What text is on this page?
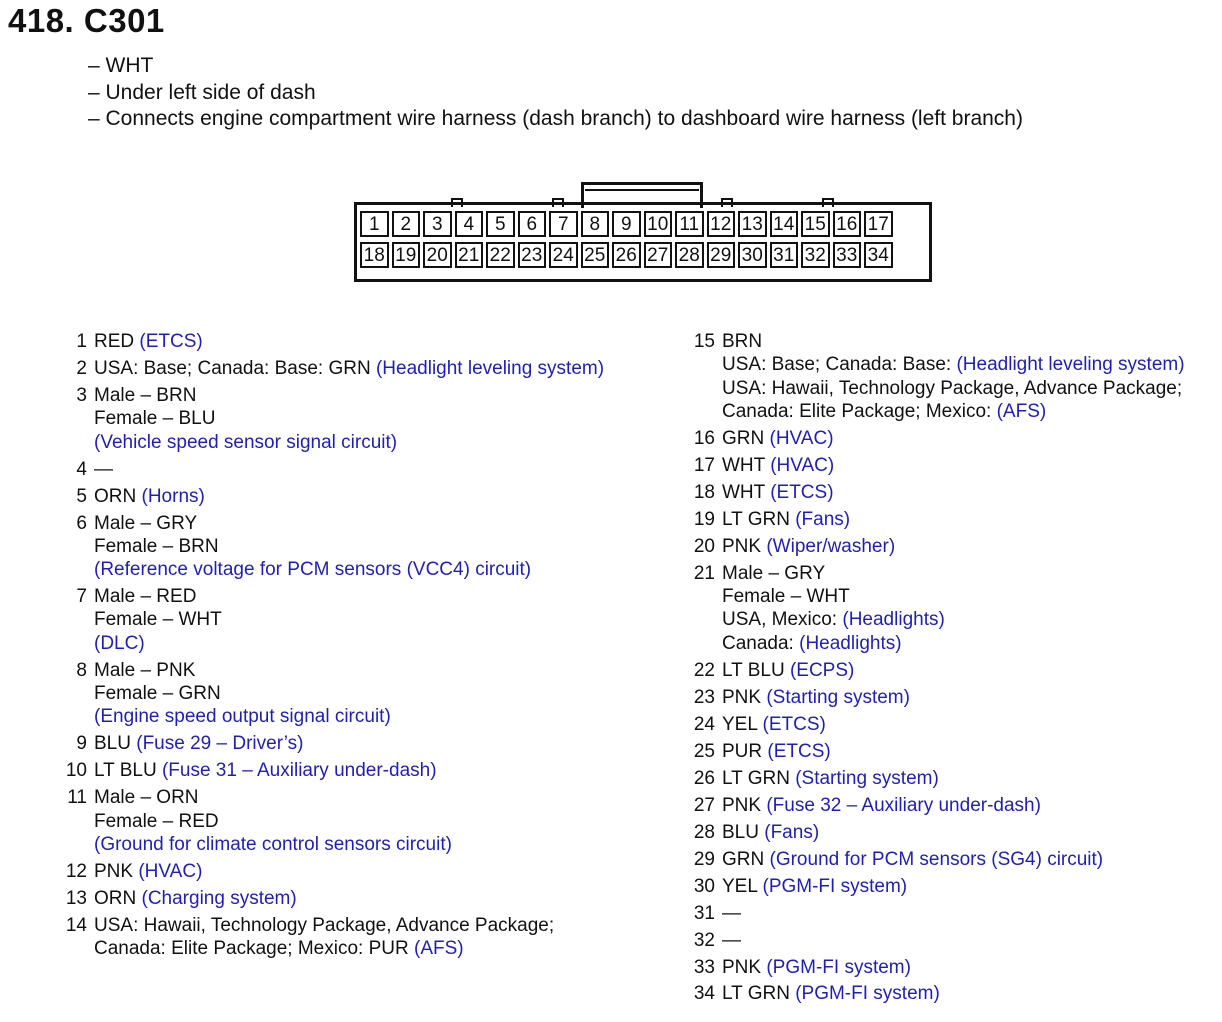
418. C301
– WHT
– Under left side of dash
– Connects engine compartment wire harness (dash branch) to dashboard wire harness (left branch)
1	2	3	4	5	6	7	8	9 10 11 12 13 14 15 16 17
18 19 20 21 22 23 24 25 26 27 28 29 30 31 32 33 34
1 RED (ETCS)
2 USA: Base; Canada: Base: GRN (Headlight leveling system)
3 Male – BRN
Female – BLU
(Vehicle speed sensor signal circuit)
4 —
5 ORN (Horns)
6 Male – GRY
Female – BRN
(Reference voltage for PCM sensors (VCC4) circuit)
7 Male – RED
Female – WHT
(DLC)
8 Male – PNK
Female – GRN
(Engine speed output signal circuit)
9 BLU (Fuse 29 – Driver’s)
10 LT BLU (Fuse 31 – Auxiliary under-dash)
11 Male – ORN
Female – RED
(Ground for climate control sensors circuit)
12 PNK (HVAC)
13 ORN (Charging system)
14 USA: Hawaii, Technology Package, Advance Package;
Canada: Elite Package; Mexico: PUR (AFS)
15 BRN
USA: Base; Canada: Base: (Headlight leveling system)
USA: Hawaii, Technology Package, Advance Package;
Canada: Elite Package; Mexico: (AFS)
16 GRN (HVAC)
17 WHT (HVAC)
18 WHT (ETCS)
19 LT GRN (Fans)
20 PNK (Wiper/washer)
21 Male – GRY
Female – WHT
USA, Mexico: (Headlights)
Canada: (Headlights)
22 LT BLU (ECPS)
23 PNK (Starting system)
24 YEL (ETCS)
25 PUR (ETCS)
26 LT GRN (Starting system)
27 PNK (Fuse 32 – Auxiliary under-dash)
28 BLU (Fans)
29 GRN (Ground for PCM sensors (SG4) circuit)
30 YEL (PGM-FI system)
31 —
32 —
33 PNK (PGM-FI system)
34 LT GRN (PGM-FI system)
